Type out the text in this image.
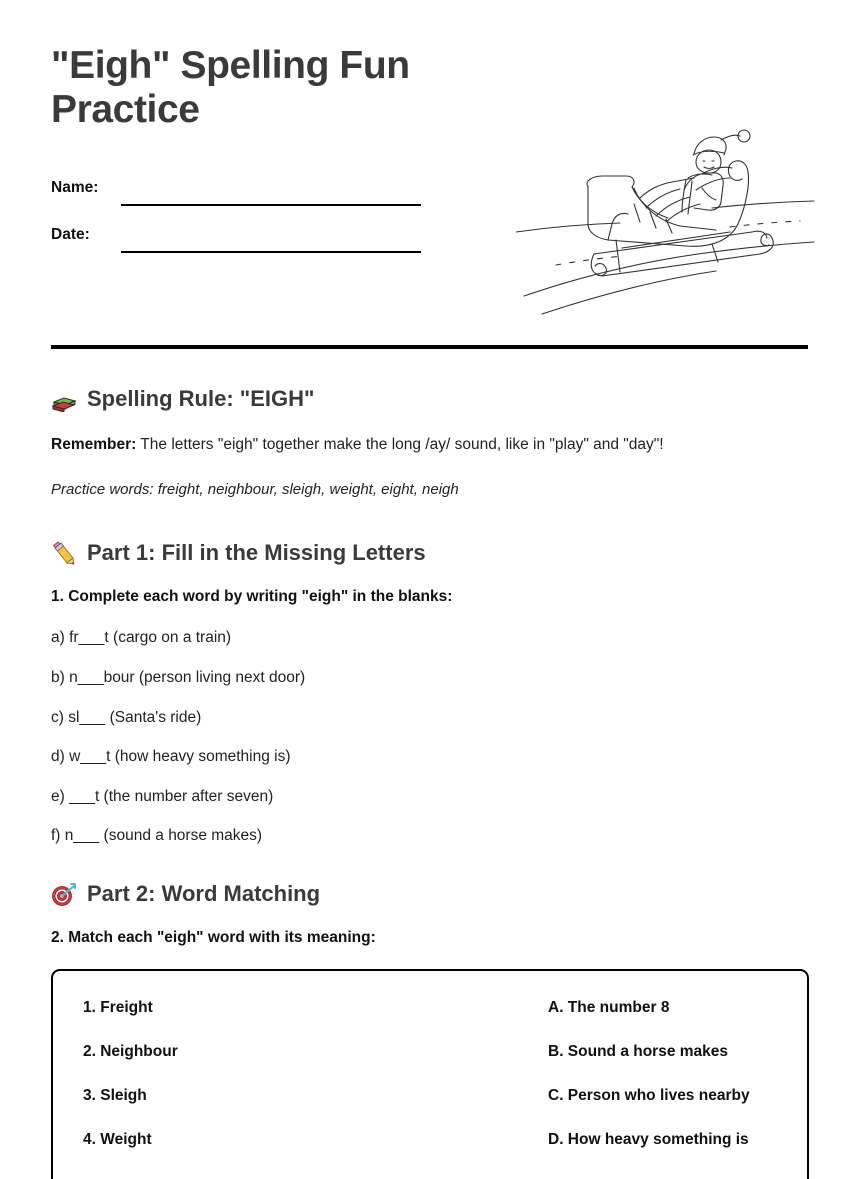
"Eigh" Spelling Fun Practice
Name:
Date:
Spelling Rule: "EIGH"

Remember: The letters "eigh" together make the long /ay/ sound, like in "play" and "day"!

Practice words: freight, neighbour, sleigh, weight, eight, neigh

Part 1: Fill in the Missing Letters

1. Complete each word by writing "eigh" in the blanks:

a) fr___t (cargo on a train)

b) n___bour (person living next door)

c) sl___ (Santa's ride)

d) w___t (how heavy something is)

e) ___t (the number after seven)

f) n___ (sound a horse makes)

Part 2: Word Matching

2. Match each "eigh" word with its meaning:

1. Freight	A. The number 8
2. Neighbour	B. Sound a horse makes
3. Sleigh	C. Person who lives nearby
4. Weight	D. How heavy something is
